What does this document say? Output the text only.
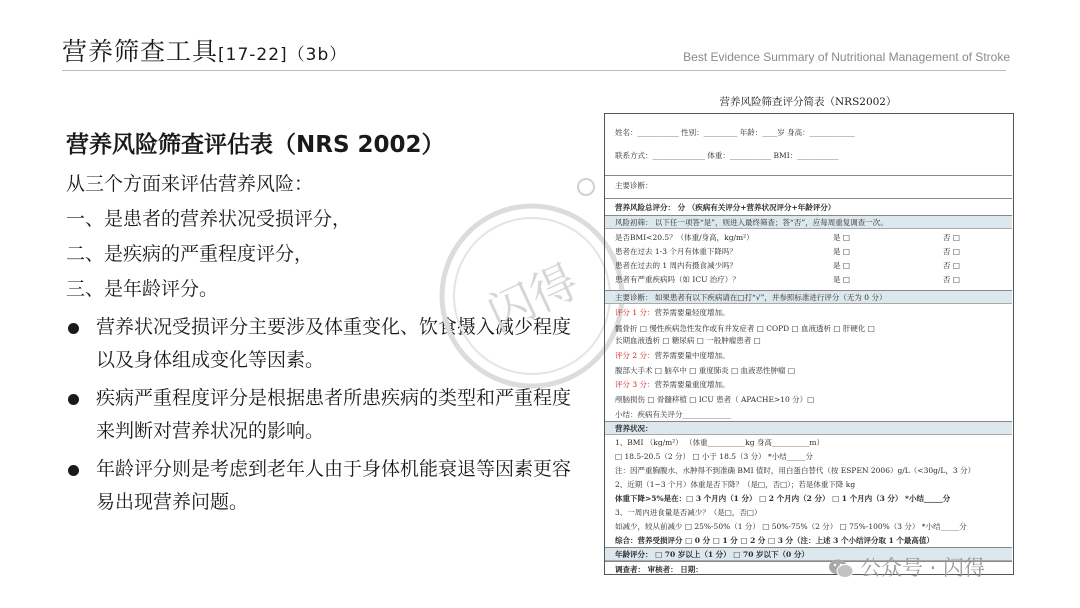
营养筛查工具[17-22]（3b）	Best Evidence Summary of Nutritional Management of Stroke
营养风险筛查评估表（NRS 2002）
从三个方面来评估营养风险：
一、是患者的营养状况受损评分，
二、是疾病的严重程度评分，
三、是年龄评分。
营养状况受损评分主要涉及体重变化、饮食摄入减少程度以及身体组成变化等因素。
疾病严重程度评分是根据患者所患疾病的类型和严重程度来判断对营养状况的影响。
年龄评分则是考虑到老年人由于身体机能衰退等因素更容易出现营养问题。
闪得
营养风险筛查评分简表（NRS2002）
姓名：___________ 性别：_________ 年龄：____岁 身高：____________
联系方式：______________ 体重：___________ BMI：___________
主要诊断：
营养风险总评分： 分 （疾病有关评分+营养状况评分+年龄评分）
风险初筛： 以下任一项答“是”，则进入最终筛查；答“否”，应每周重复调查一次。
是否BMI<20.5？（体重/身高，kg/m²）	是 □	否 □
患者在过去 1-3 个月有体重下降吗？	是 □	否 □
患者在过去的 1 周内有摄食减少吗？	是 □	否 □
患者有严重疾病吗（如 ICU 治疗）？	是 □	否 □
主要诊断： 如果患者有以下疾病请在□打“√”，并参照标准进行评分（无为 0 分）
评分 1 分：营养需要量轻度增加。
髋骨折 □ 慢性疾病急性发作或有并发症者 □ COPD □ 血液透析 □ 肝硬化 □
长期血液透析 □ 糖尿病 □ 一般肿瘤患者 □
评分 2 分：营养需要量中度增加。
腹部大手术 □ 脑卒中 □ 重度肺炎 □ 血液恶性肿瘤 □
评分 3 分：营养需要量重度增加。
颅脑损伤 □ 骨髓移植 □ ICU 患者（ APACHE>10 分）□
小结：疾病有关评分_____________
营养状况：
1、BMI （kg/m²） （体重__________kg 身高__________m）
□ 18.5-20.5（2 分） □ 小于 18.5（3 分） *小结_____分
注：因严重胸腹水、水肿得不到准确 BMI 值时，用白蛋白替代（按 ESPEN 2006）g/L（<30g/L，3 分）
2、近期（1~3 个月）体重是否下降？（是□，否□）；若是体重下降 kg
体重下降>5%是在：□ 3 个月内（1 分） □ 2 个月内（2 分） □ 1 个月内（3 分） *小结_____分
3、一周内进食量是否减少？（是□，否□）
如减少，较从前减少 □ 25%-50%（1 分） □ 50%-75%（2 分） □ 75%-100%（3 分） *小结_____分
综合：营养受损评分 □ 0 分 □ 1 分 □ 2 分 □ 3 分（注：上述 3 个小结评分取 1 个最高值）
年龄评分： □ 70 岁以上（1 分） □ 70 岁以下（0 分）
调查者： 审核者： 日期：	公众号 · 闪得
